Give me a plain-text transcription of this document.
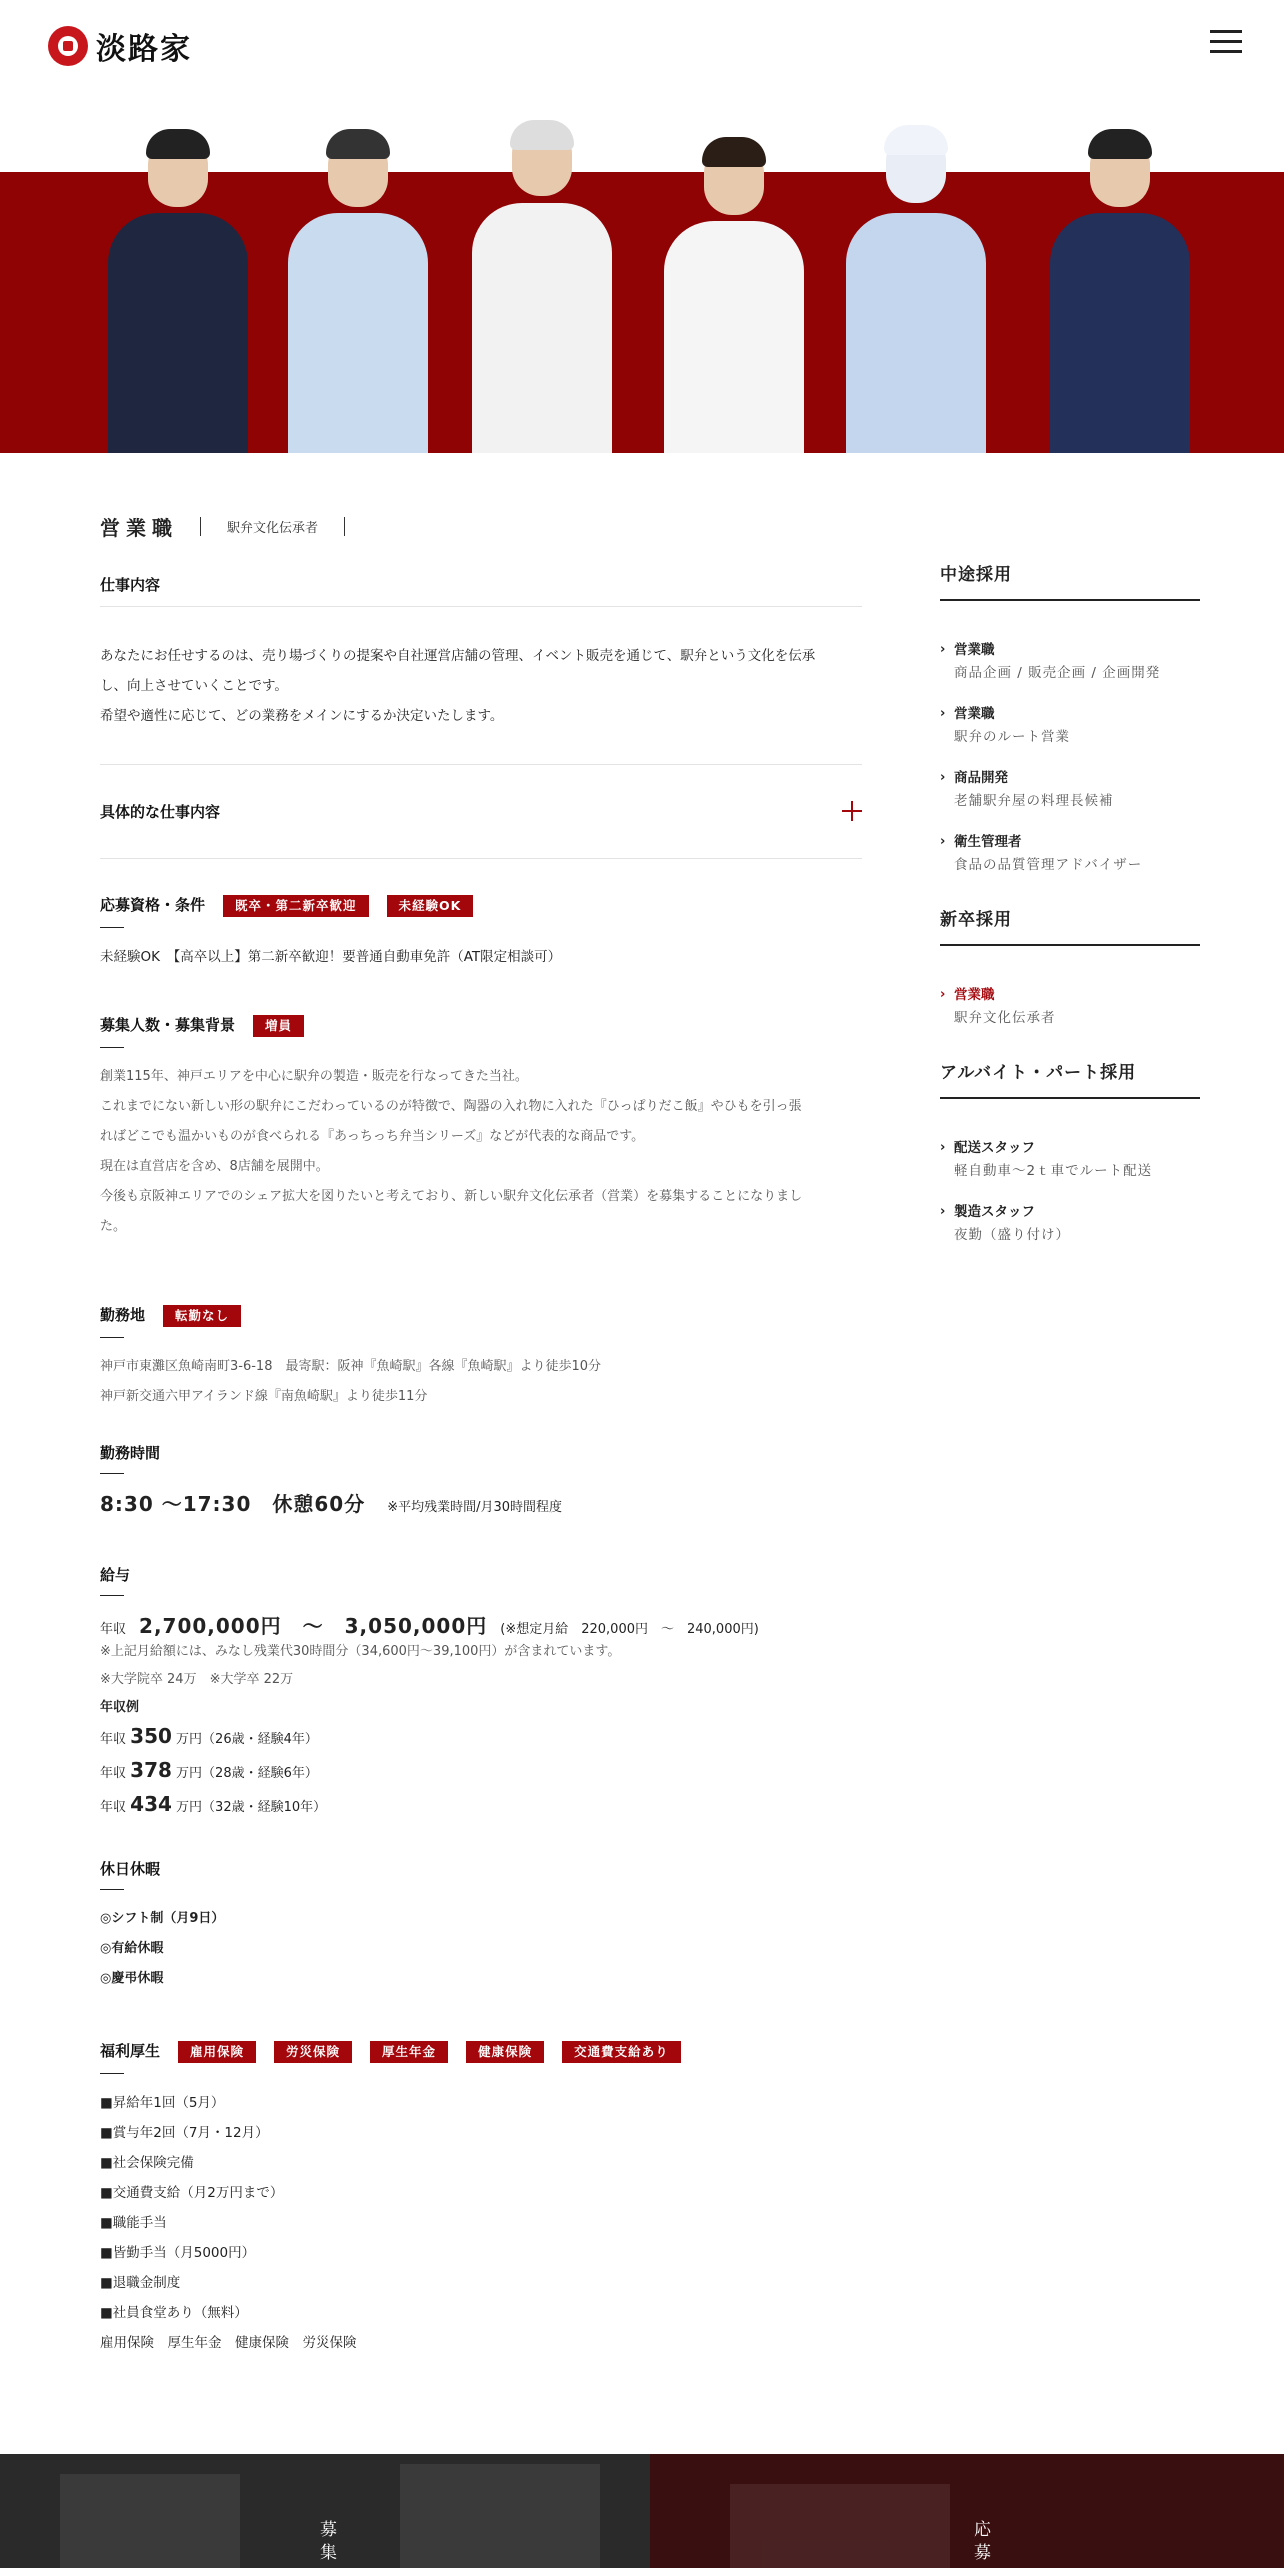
淡路家
営業職	駅弁文化伝承者
仕事内容
あなたにお任せするのは、売り場づくりの提案や自社運営店舗の管理、イベント販売を通じて、駅弁という文化を伝承
し、向上させていくことです。
希望や適性に応じて、どの業務をメインにするか決定いたします。
具体的な仕事内容
応募資格・条件 既卒・第二新卒歓迎	未経験OK
未経験OK　【高卒以上】第二新卒歓迎！要普通自動車免許（AT限定相談可）
募集人数・募集背景 増員
創業115年、神戸エリアを中心に駅弁の製造・販売を行なってきた当社。
これまでにない新しい形の駅弁にこだわっているのが特徴で、陶器の入れ物に入れた『ひっぱりだこ飯』やひもを引っ張
ればどこでも温かいものが食べられる『あっちっち弁当シリーズ』などが代表的な商品です。
現在は直営店を含め、8店舗を展開中。
今後も京阪神エリアでのシェア拡大を図りたいと考えており、新しい駅弁文化伝承者（営業）を募集することになりまし
た。
勤務地 転勤なし
神戸市東灘区魚崎南町3-6-18　最寄駅：阪神『魚崎駅』各線『魚崎駅』より徒歩10分
神戸新交通六甲アイランド線『南魚崎駅』より徒歩11分
勤務時間
8:30 〜17:30　休憩60分 ※平均残業時間/月30時間程度
給与
年収　 2,700,000円　〜　3,050,000円　 (※想定月給　220,000円　〜　240,000円)
※上記月給額には、みなし残業代30時間分（34,600円〜39,100円）が含まれています。
※大学院卒 24万　※大学卒 22万
年収例
年収 350 万円（26歳・経験4年）
年収 378 万円（28歳・経験6年）
年収 434 万円（32歳・経験10年）
休日休暇
◎シフト制（月9日）
◎有給休暇
◎慶弔休暇
福利厚生 雇用保険	労災保険	厚生年金	健康保険	交通費支給あり
■昇給年1回（5月）
■賞与年2回（7月・12月）
■社会保険完備
■交通費支給（月2万円まで）
■職能手当
■皆勤手当（月5000円）
■退職金制度
■社員食堂あり（無料）
雇用保険　厚生年金　健康保険　労災保険
中途採用
› 営業職
商品企画 / 販売企画 / 企画開発
› 営業職
駅弁のルート営業
› 商品開発
老舗駅弁屋の料理長候補
› 衛生管理者
食品の品質管理アドバイザー
新卒採用
› 営業職
駅弁文化伝承者
アルバイト・パート採用
› 配送スタッフ
軽自動車〜2ｔ車でルート配送
› 製造スタッフ
夜勤（盛り付け）
募集	応募
